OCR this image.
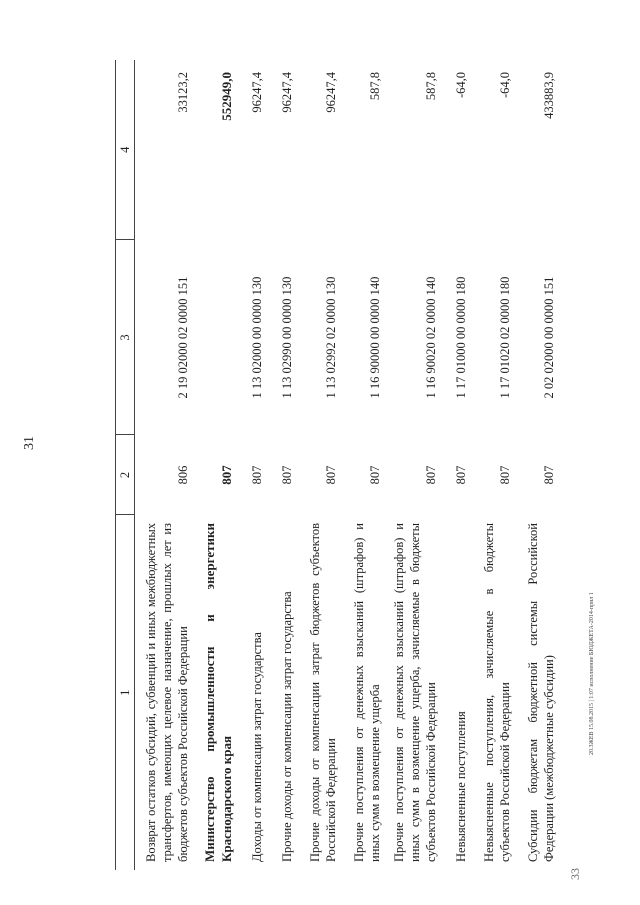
31
33
20.3ЖЕВ 15.08.2015 | 1:07 исполнение БЮДЖЕТА-2014-прил 1
1	2	3	4
Возврат остатков субсидий, субвенций и иных межбюджетных трансфертов, имеющих целевое назначение, прошлых лет из бюджетов субъектов Российской Федерации	806	2 19 02000 02 0000 151	33123,2
Министерство промышленности и энергетики Краснодарского края	807		552949,0
Доходы от компенсации затрат государства	807	1 13 02000 00 0000 130	96247,4
Прочие доходы от компенсации затрат государства	807	1 13 02990 00 0000 130	96247,4
Прочие доходы от компенсации затрат бюджетов субъектов Российской Федерации	807	1 13 02992 02 0000 130	96247,4
Прочие поступления от денежных взысканий (штрафов) и иных сумм в возмещение ущерба	807	1 16 90000 00 0000 140	587,8
Прочие поступления от денежных взысканий (штрафов) и иных сумм в возмещение ущерба, зачисляемые в бюджеты субъектов Российской Федерации	807	1 16 90020 02 0000 140	587,8
Невыясненные поступления	807	1 17 01000 00 0000 180	-64,0
Невыясненные поступления, зачисляемые в бюджеты субъектов Российской Федерации	807	1 17 01020 02 0000 180	-64,0
Субсидии бюджетам бюджетной системы Российской Федерации (межбюджетные субсидии)	807	2 02 02000 00 0000 151	433883,9
